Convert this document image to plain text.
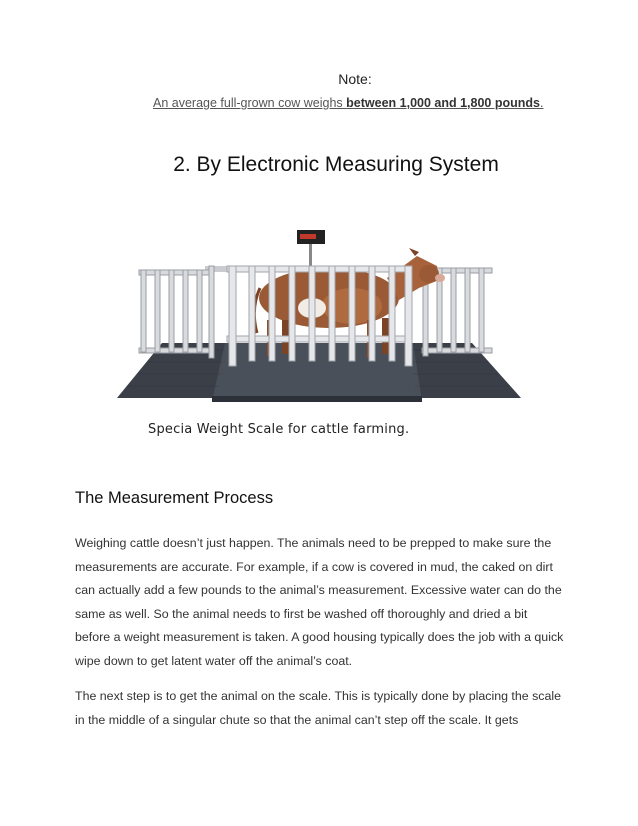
Note:
An average full-grown cow weighs between 1,000 and 1,800 pounds.
2. By Electronic Measuring System
Specia Weight Scale for cattle farming.
The Measurement Process
Weighing cattle doesn’t just happen. The animals need to be prepped to make sure the measurements are accurate. For example, if a cow is covered in mud, the caked on dirt can actually add a few pounds to the animal’s measurement. Excessive water can do the same as well. So the animal needs to first be washed off thoroughly and dried a bit before a weight measurement is taken. A good housing typically does the job with a quick wipe down to get latent water off the animal’s coat.
The next step is to get the animal on the scale. This is typically done by placing the scale in the middle of a singular chute so that the animal can’t step off the scale. It gets
